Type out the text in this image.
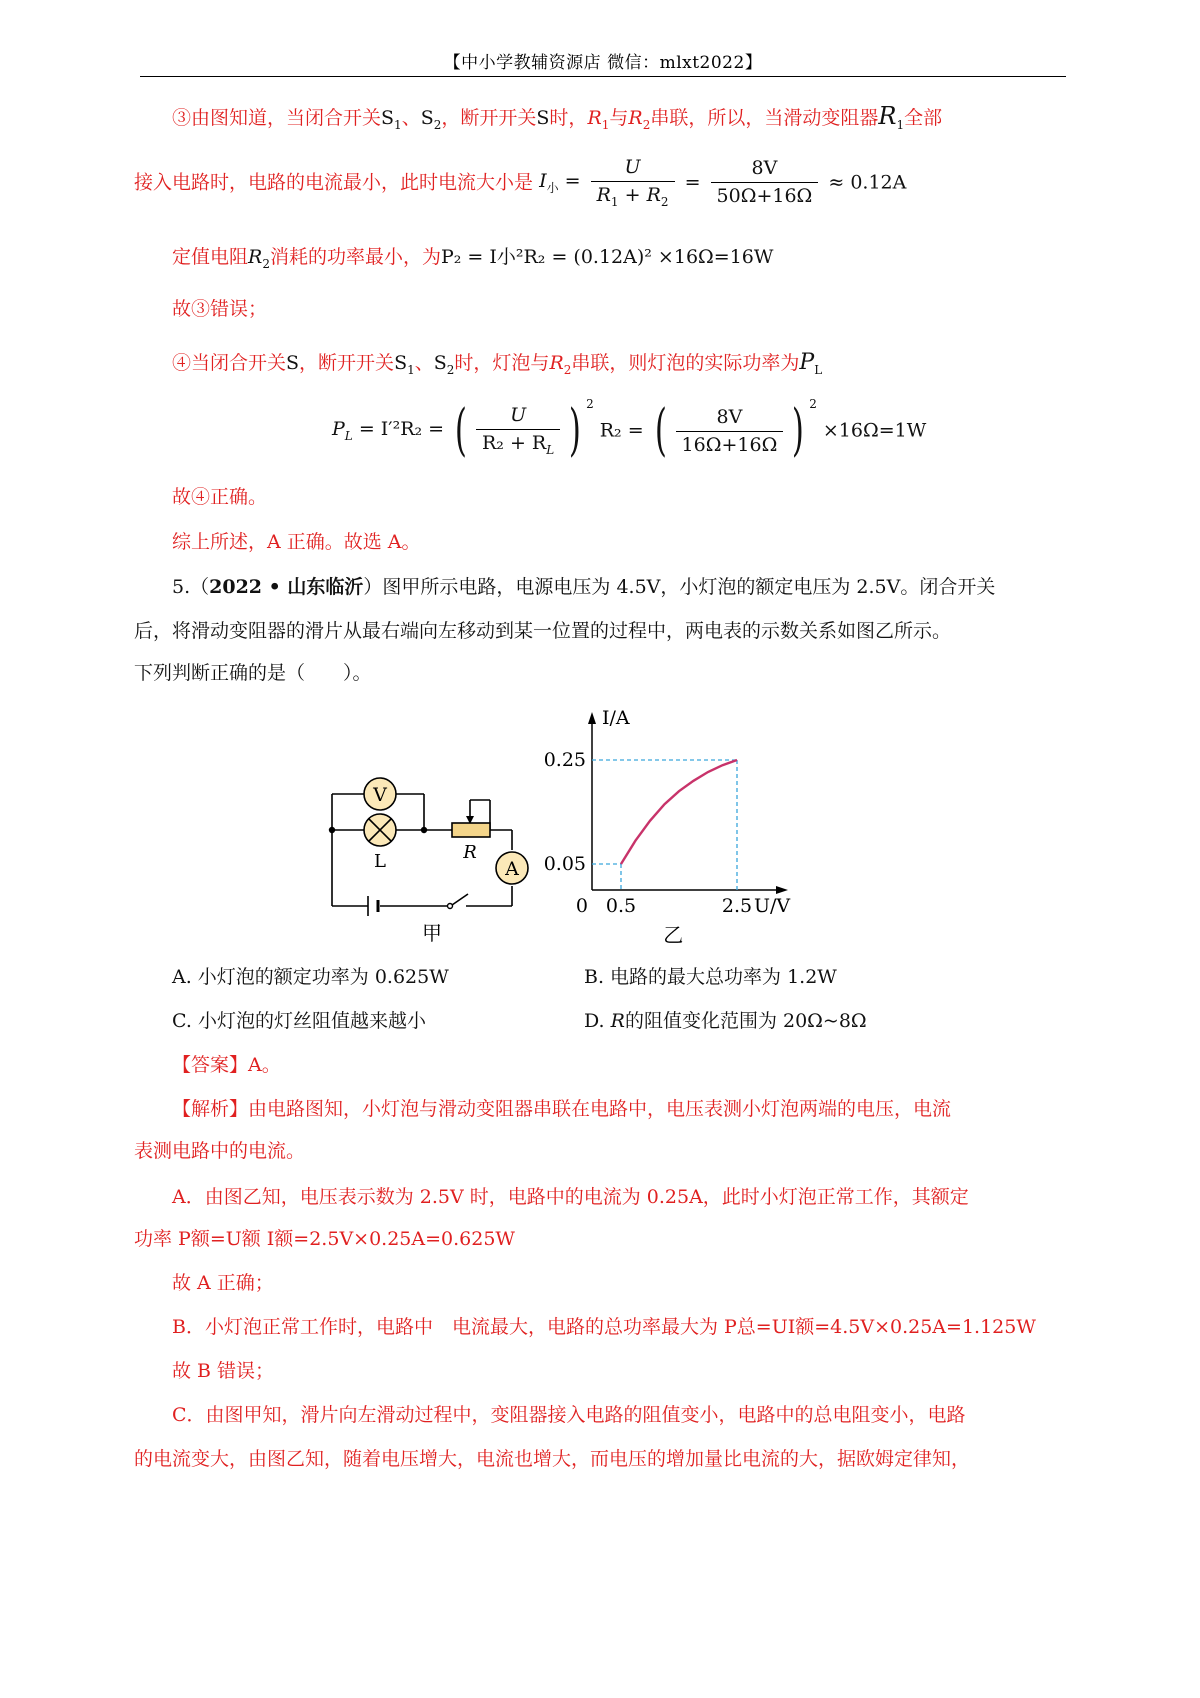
【中小学教辅资源店 微信：mlxt2022】
③由图知道，当闭合开关$S_1$、$S_2$，断开开关S时，$R_1$与$R_2$串联，所以，当滑动变阻器$R_1$全部
接入电路时，电路的电流最小，此时电流大小是 $I_小 = \frac{U}{R_1 + R_2} = \frac{8V}{50\Omega+16\Omega} \approx 0.12A$
定值电阻$R_2$消耗的功率最小，为P₂ = I小²R₂ = (0.12A)² ×16Ω=16W
故③错误；
④当闭合开关S，断开开关$S_1$、$S_2$时，灯泡与$R_2$串联，则灯泡的实际功率为$P_L$
$P_L = I'^2R_2$ = ( $\frac{U}{R_2 + R_L}$ ) $^2$ R₂ = ( $\frac{8V}{16\Omega+16\Omega}$ ) $^2$ ×16Ω=1W
故④正确。
综上所述，A 正确。故选 A。
5.（2022 • 山东临沂）图甲所示电路，电源电压为 4.5V，小灯泡的额定电压为 2.5V。闭合开关
后，将滑动变阻器的滑片从最右端向左移动到某一位置的过程中，两电表的示数关系如图乙所示。
下列判断正确的是（　　）。
V
L	R
A
甲
I/A
U/V
0 0.5	2.5
0.05
0.25
乙
A. 小灯泡的额定功率为 0.625W	B. 电路的最大总功率为 1.2W
C. 小灯泡的灯丝阻值越来越小	D. R的阻值变化范围为 20Ω~8Ω
【答案】A。
【解析】由电路图知，小灯泡与滑动变阻器串联在电路中，电压表测小灯泡两端的电压，电流
表测电路中的电流。
A．由图乙知，电压表示数为 2.5V 时，电路中的电流为 0.25A，此时小灯泡正常工作，其额定
功率 P额=U额 I额=2.5V×0.25A=0.625W
故 A 正确；
B．小灯泡正常工作时，电路中　电流最大，电路的总功率最大为 P总=UI额=4.5V×0.25A=1.125W
故 B 错误；
C．由图甲知，滑片向左滑动过程中，变阻器接入电路的阻值变小，电路中的总电阻变小，电路
的电流变大，由图乙知，随着电压增大，电流也增大，而电压的增加量比电流的大，据欧姆定律知，
